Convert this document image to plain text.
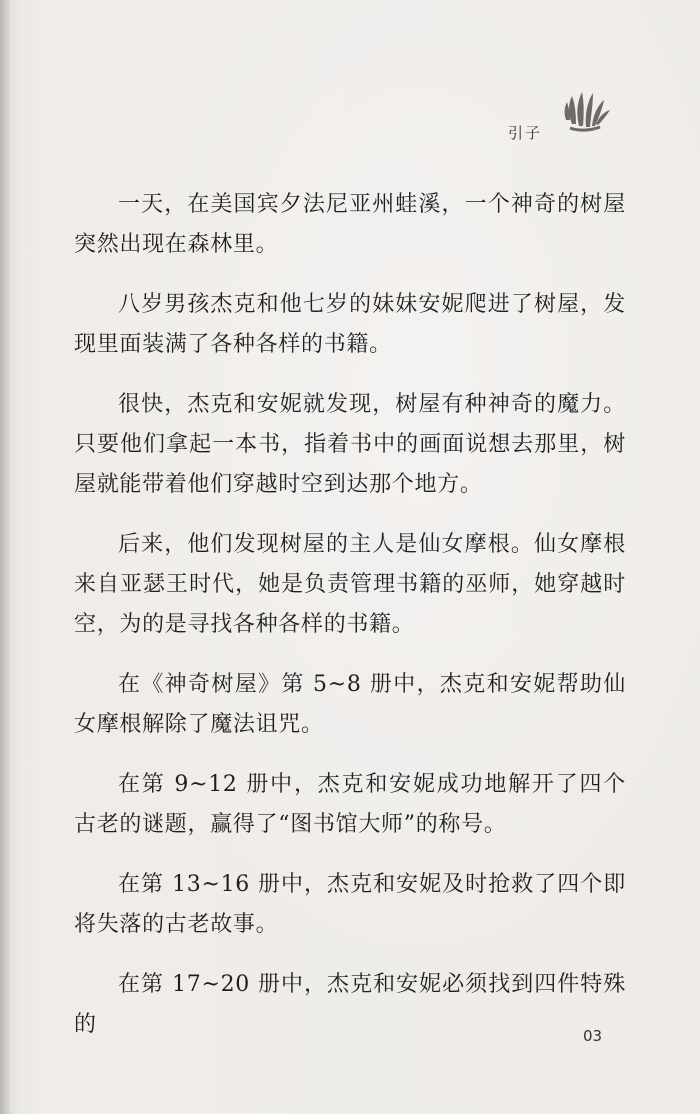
引子

一天，在美国宾夕法尼亚州蛙溪，一个神奇的树屋突然出现在森林里。

八岁男孩杰克和他七岁的妹妹安妮爬进了树屋，发现里面装满了各种各样的书籍。

很快，杰克和安妮就发现，树屋有种神奇的魔力。只要他们拿起一本书，指着书中的画面说想去那里，树屋就能带着他们穿越时空到达那个地方。

后来，他们发现树屋的主人是仙女摩根。仙女摩根来自亚瑟王时代，她是负责管理书籍的巫师，她穿越时空，为的是寻找各种各样的书籍。

在《神奇树屋》第 5~8 册中，杰克和安妮帮助仙女摩根解除了魔法诅咒。

在第 9~12 册中，杰克和安妮成功地解开了四个古老的谜题，赢得了“图书馆大师”的称号。

在第 13~16 册中，杰克和安妮及时抢救了四个即将失落的古老故事。

在第 17~20 册中，杰克和安妮必须找到四件特殊的	03
